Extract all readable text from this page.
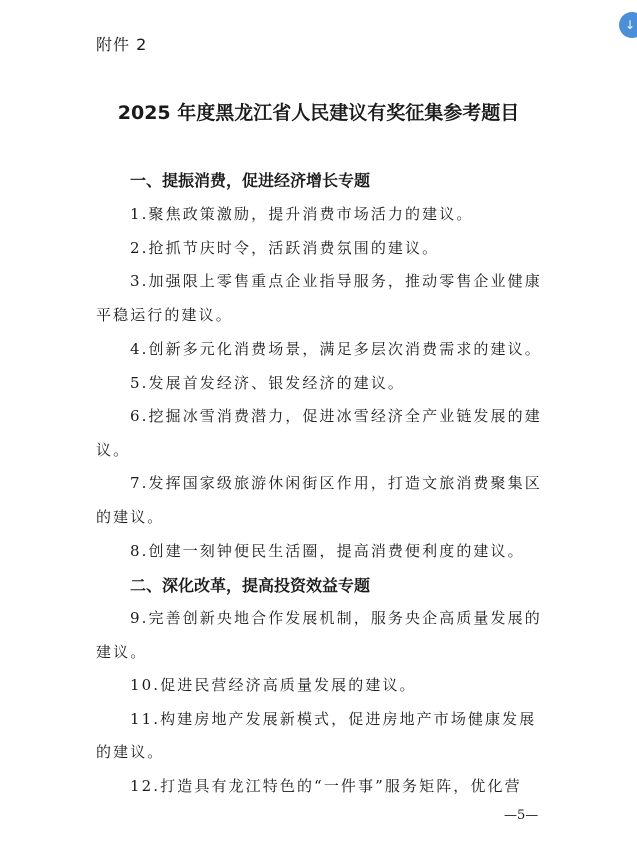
↓
附件 2
2025 年度黑龙江省人民建议有奖征集参考题目
一、提振消费，促进经济增长专题
1.聚焦政策激励，提升消费市场活力的建议。
2.抢抓节庆时令，活跃消费氛围的建议。
3.加强限上零售重点企业指导服务，推动零售企业健康
平稳运行的建议。
4.创新多元化消费场景，满足多层次消费需求的建议。
5.发展首发经济、银发经济的建议。
6.挖掘冰雪消费潜力，促进冰雪经济全产业链发展的建
议。
7.发挥国家级旅游休闲街区作用，打造文旅消费聚集区
的建议。
8.创建一刻钟便民生活圈，提高消费便利度的建议。
二、深化改革，提高投资效益专题
9.完善创新央地合作发展机制，服务央企高质量发展的
建议。
10.促进民营经济高质量发展的建议。
11.构建房地产发展新模式，促进房地产市场健康发展
的建议。
12.打造具有龙江特色的“一件事”服务矩阵，优化营
—5—
